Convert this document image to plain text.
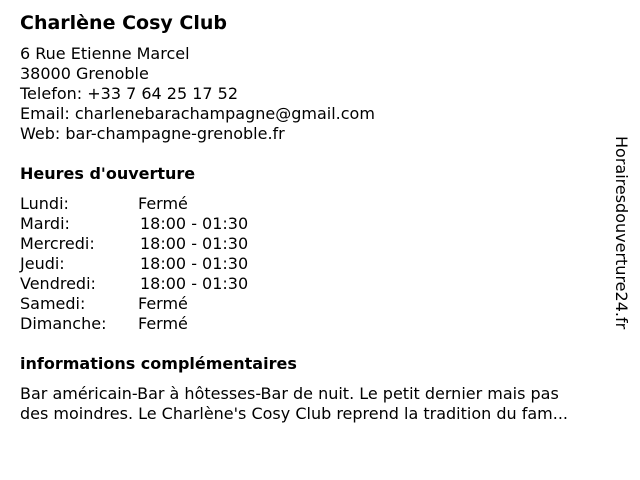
Charlène Cosy Club
6 Rue Etienne Marcel
38000 Grenoble
Telefon: +33 7 64 25 17 52
Email: charlenebarachampagne@gmail.com
Web: bar-champagne-grenoble.fr
Heures d'ouverture
Lundi:	Fermé
Mardi:	18:00 - 01:30
Mercredi:	18:00 - 01:30
Jeudi:	18:00 - 01:30
Vendredi:	18:00 - 01:30
Samedi:	Fermé
Dimanche: Fermé
informations complémentaires
Bar américain-Bar à hôtesses-Bar de nuit. Le petit dernier mais pas
des moindres. Le Charlène's Cosy Club reprend la tradition du fam...
Horairesdouverture24.fr
